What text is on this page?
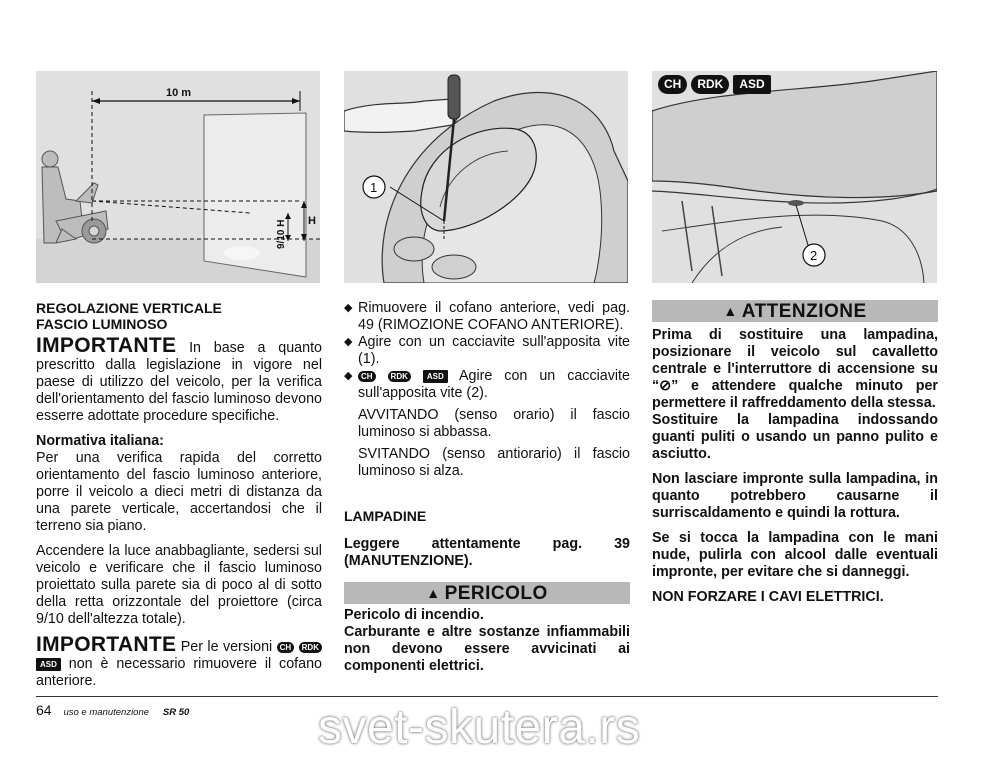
10 m
H
9/10 H
1
2
CH	RDK	ASD

REGOLAZIONE VERTICALE

FASCIO LUMINOSO

IMPORTANTE In base a quanto prescritto dalla legislazione in vigore nel paese di utilizzo del veicolo, per la verifica dell'orientamento del fascio luminoso devono esserre adottate procedure specifiche.

Normativa italiana:

Per una verifica rapida del corretto orientamento del fascio luminoso anteriore, porre il veicolo a dieci metri di distanza da una parete verticale, accertandosi che il terreno sia piano.

Accendere la luce anabbagliante, sedersi sul veicolo e verificare che il fascio luminoso proiettato sulla parete sia di poco al di sotto della retta orizzontale del proiettore (circa 9/10 dell'altezza totale).

IMPORTANTE Per le versioni CH RDK ASD non è necessario rimuovere il cofano anteriore.

◆ Rimuovere il cofano anteriore, vedi pag. 49 (RIMOZIONE COFANO ANTERIORE).
◆ Agire con un cacciavite sull'apposita vite (1).
◆	CH RDK ASD Agire con un cacciavite sull'apposita vite (2).

AVVITANDO (senso orario) il fascio luminoso si abbassa.

SVITANDO (senso antiorario) il fascio luminoso si alza.

LAMPADINE

Leggere attentamente pag. 39 (MANUTENZIONE).

▲ PERICOLO

Pericolo di incendio.

Carburante e altre sostanze infiammabili non devono essere avvicinati ai componenti elettrici.

▲ ATTENZIONE

Prima di sostituire una lampadina, posizionare il veicolo sul cavalletto centrale e l'interruttore di accensione su “⊘” e attendere qualche minuto per permettere il raffreddamento della stessa.

Sostituire la lampadina indossando guanti puliti o usando un panno pulito e asciutto.

Non lasciare impronte sulla lampadina, in quanto potrebbero causarne il surriscaldamento e quindi la rottura.

Se si tocca la lampadina con le mani nude, pulirla con alcool dalle eventuali impronte, per evitare che si danneggi.

NON FORZARE I CAVI ELETTRICI.

64 uso e manutenzione SR 50	svet-skutera.rs
